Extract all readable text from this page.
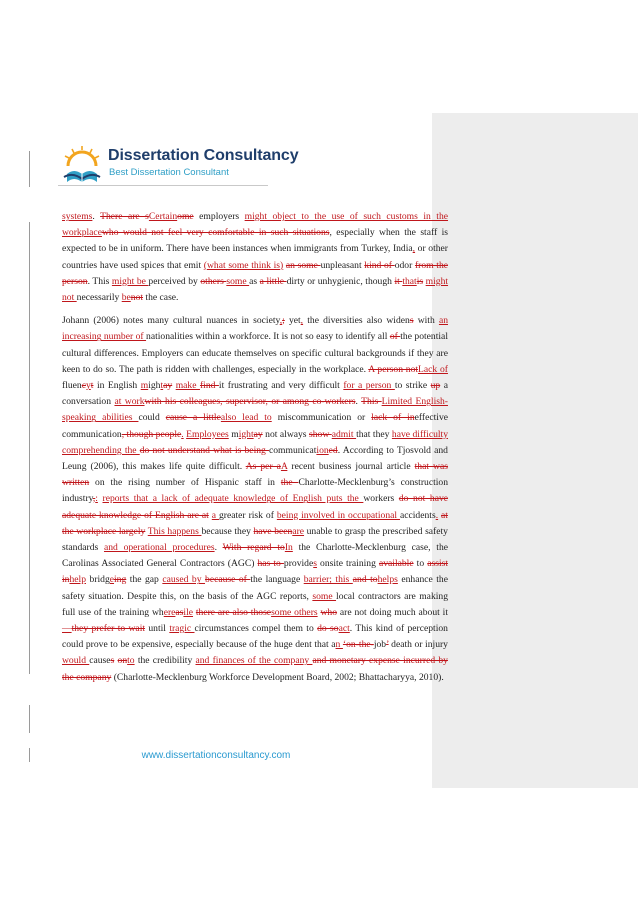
Dissertation Consultancy
Best Dissertation Consultant

systems. There are sCertainome employers might object to the use of such customs in the workplacewho would not feel very comfortable in such situations, especially when the staff is expected to be in uniform. There have been instances when immigrants from Turkey, India, or other countries have used spices that emit (what some think is) an some unpleasant kind of odor from the person. This might be perceived by others some as a little dirty or unhygienic, though it thatis might not necessarily benot the case.

Johann (2006) notes many cultural nuances in society,; yet, the diversities also widens with an increasing number of nationalities within a workforce. It is not so easy to identify all of the potential cultural differences. Employers can educate themselves on specific cultural backgrounds if they are keen to do so. The path is ridden with challenges, especially in the workplace. A person notLack of fluencyt in English mightay make find it frustrating and very difficult for a person to strike up a conversation at workwith his colleagues, supervisor, or among co-workers. This Limited English-speaking abilities could cause a littlealso lead to miscommunication or lack of ineffective communication, though people. Employees mightay not always show admit that they have difficulty comprehending the do not understand what is being communicationed. According to Tjosvold and Leung (2006), this makes life quite difficult. As per aA recent business journal article that was written on the rising number of Hispanic staff in the Charlotte-Mecklenburg’s construction industry,: reports that a lack of adequate knowledge of English puts the workers do not have adequate knowledge of English are at a greater risk of being involved in occupational accidents. at the workplace largely This happens because they have beenare unable to grasp the prescribed safety standards and operational procedures. With regard toIn the Charlotte-Mecklenburg case, the Carolinas Associated General Contractors (AGC) has to provides onsite training available to assist inhelp bridgeing the gap caused by because of the language barrier; this and tohelps enhance the safety situation. Despite this, on the basis of the AGC reports, some local contractors are making full use of the training whereasile there are also thosesome others who are not doing much about it—they prefer to wait until tragic circumstances compel them to do soact. This kind of perception could prove to be expensive, especially because of the huge dent that an ‘on-the-job’ death or injury would causes onto the credibility and finances of the company and monetary expense incurred by the company (Charlotte-Mecklenburg Workforce Development Board, 2002; Bhattacharyya, 2010).

www.dissertationconsultancy.com
